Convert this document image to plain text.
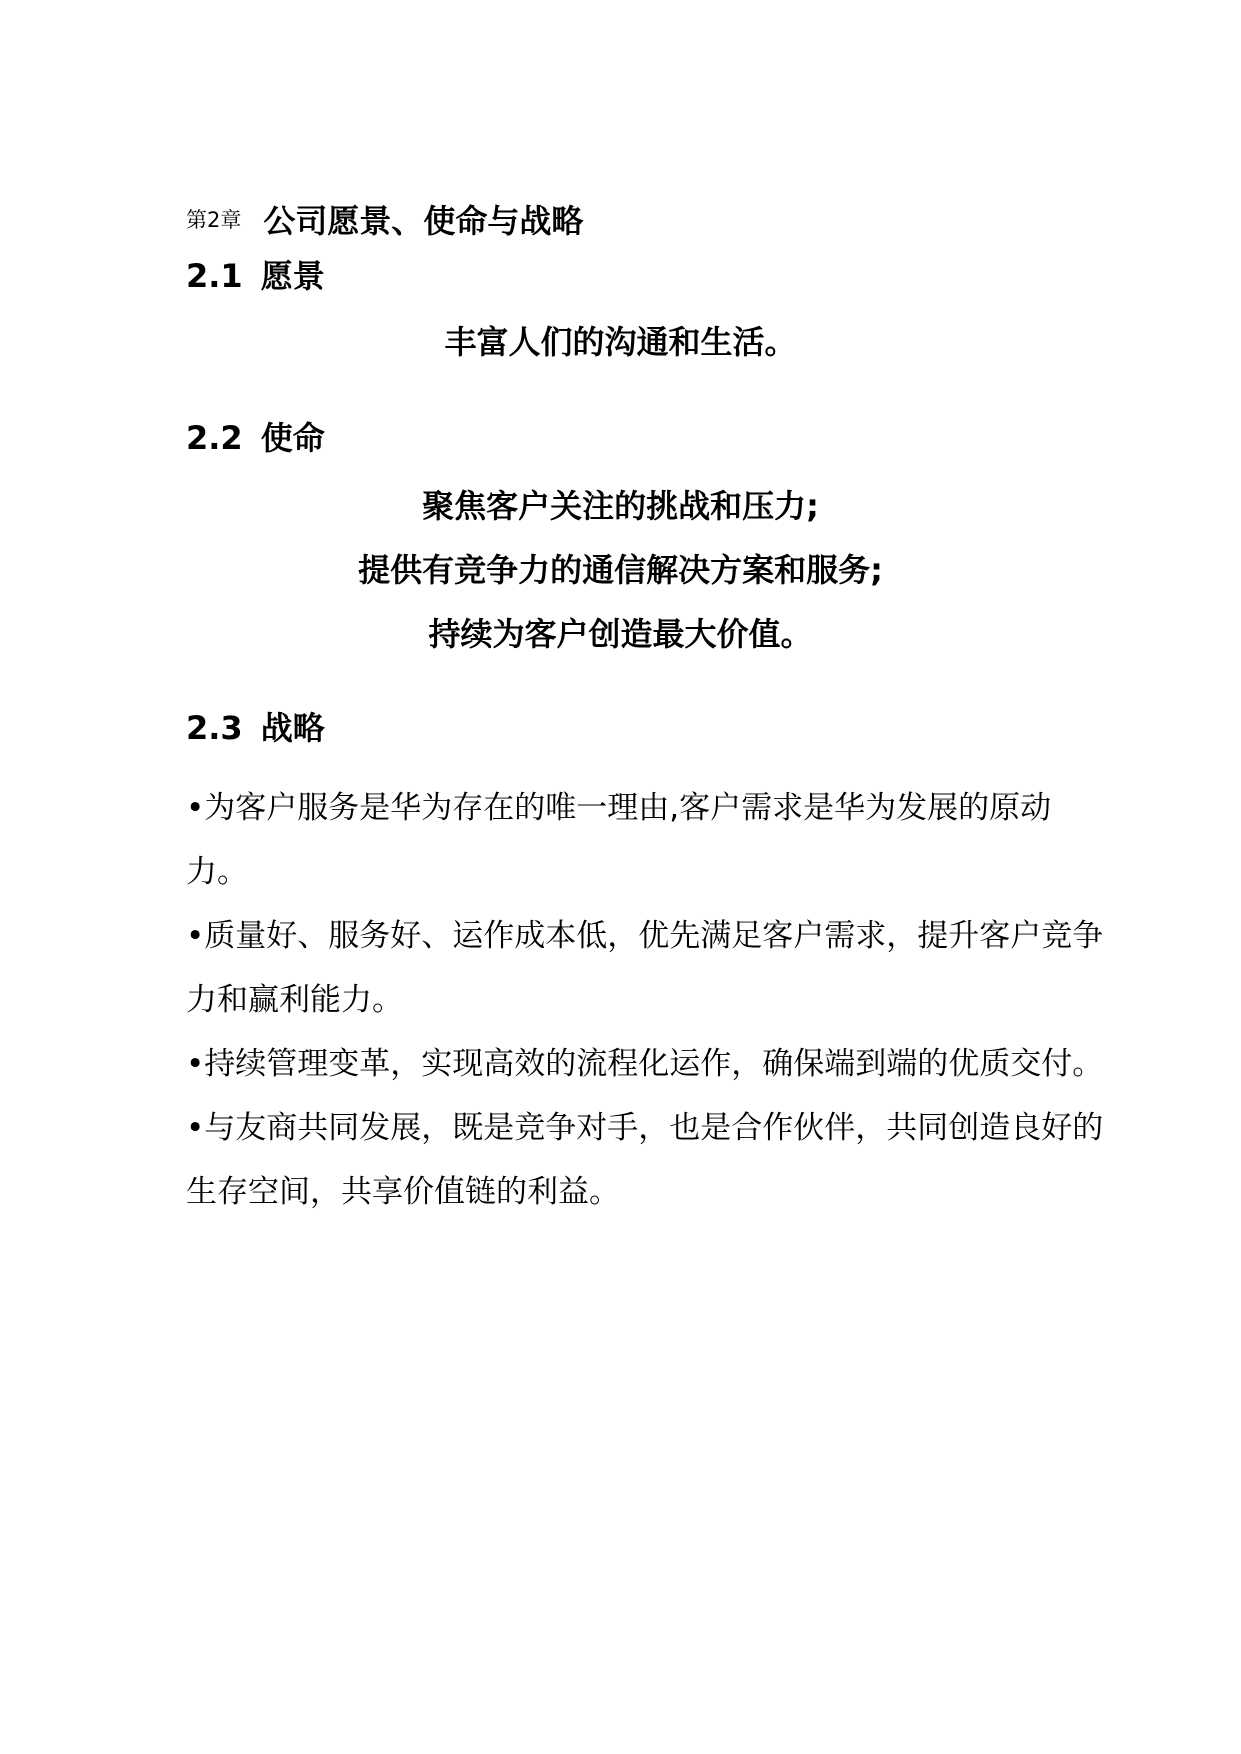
第2章 公司愿景、使命与战略
2.1 愿景
丰富人们的沟通和生活。
2.2 使命
聚焦客户关注的挑战和压力;
提供有竞争力的通信解决方案和服务;
持续为客户创造最大价值。
2.3 战略

•为客户服务是华为存在的唯一理由,客户需求是华为发展的原动力。

•质量好、服务好、运作成本低，优先满足客户需求，提升客户竞争力和赢利能力。

•持续管理变革，实现高效的流程化运作，确保端到端的优质交付。

•与友商共同发展，既是竞争对手，也是合作伙伴，共同创造良好的生存空间，共享价值链的利益。
